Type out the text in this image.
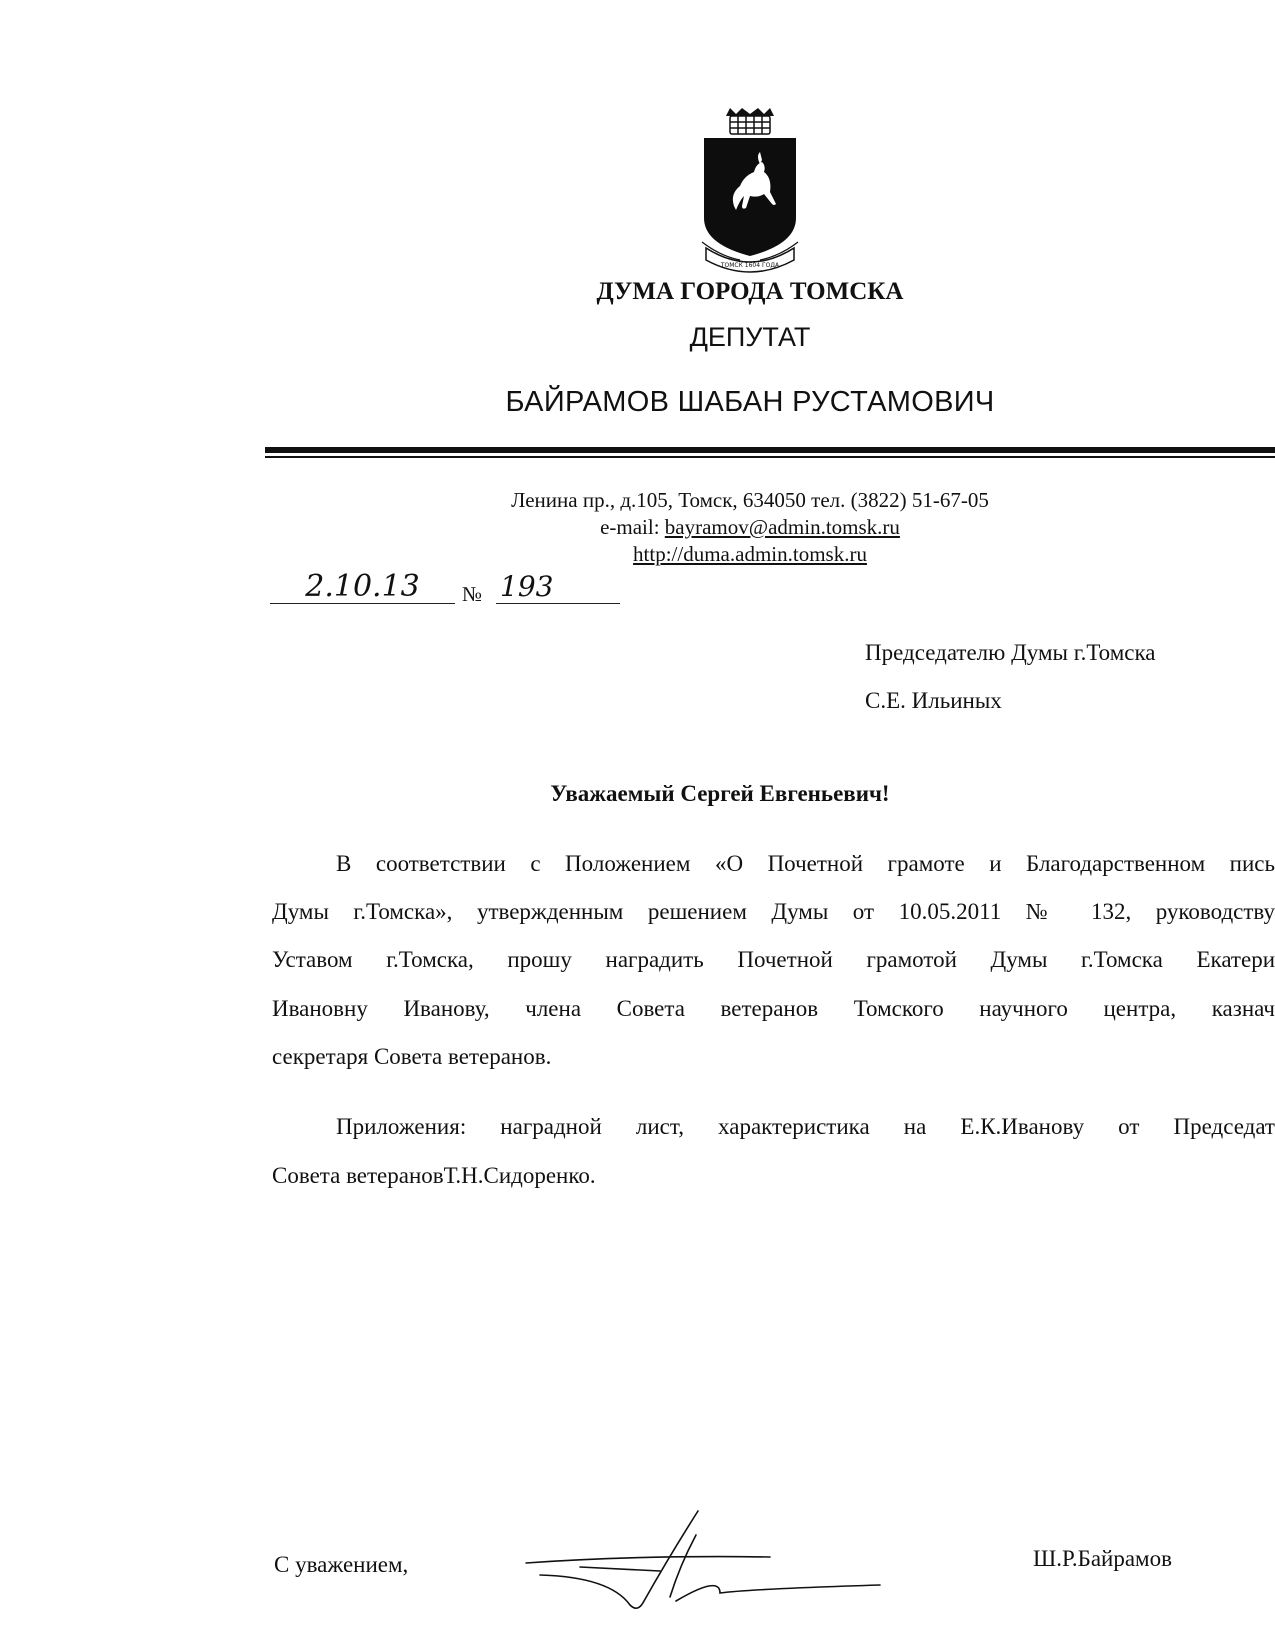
ТОМСК 1604 ГОДА
ДУМА ГОРОДА ТОМСКА
ДЕПУТАТ
БАЙРАМОВ ШАБАН РУСТАМОВИЧ
Ленина пр., д.105, Томск, 634050 тел. (3822) 51-67-05
e-mail: bayramov@admin.tomsk.ru
http://duma.admin.tomsk.ru
2.10.13	№ 193
Председателю Думы г.Томска
С.Е. Ильиных
Уважаемый Сергей Евгеньевич!
В соответствии с Положением «О Почетной грамоте и Благодарственном пись
Думы г.Томска», утвержденным решением Думы от 10.05.2011 № 132, руководству
Уставом г.Томска, прошу наградить Почетной грамотой Думы г.Томска Екатери
Ивановну Иванову, члена Совета ветеранов Томского научного центра, казнач
секретаря Совета ветеранов.
Приложения: наградной лист, характеристика на Е.К.Иванову от Председат
Совета ветерановТ.Н.Сидоренко.
С уважением,	Ш.Р.Байрамов
